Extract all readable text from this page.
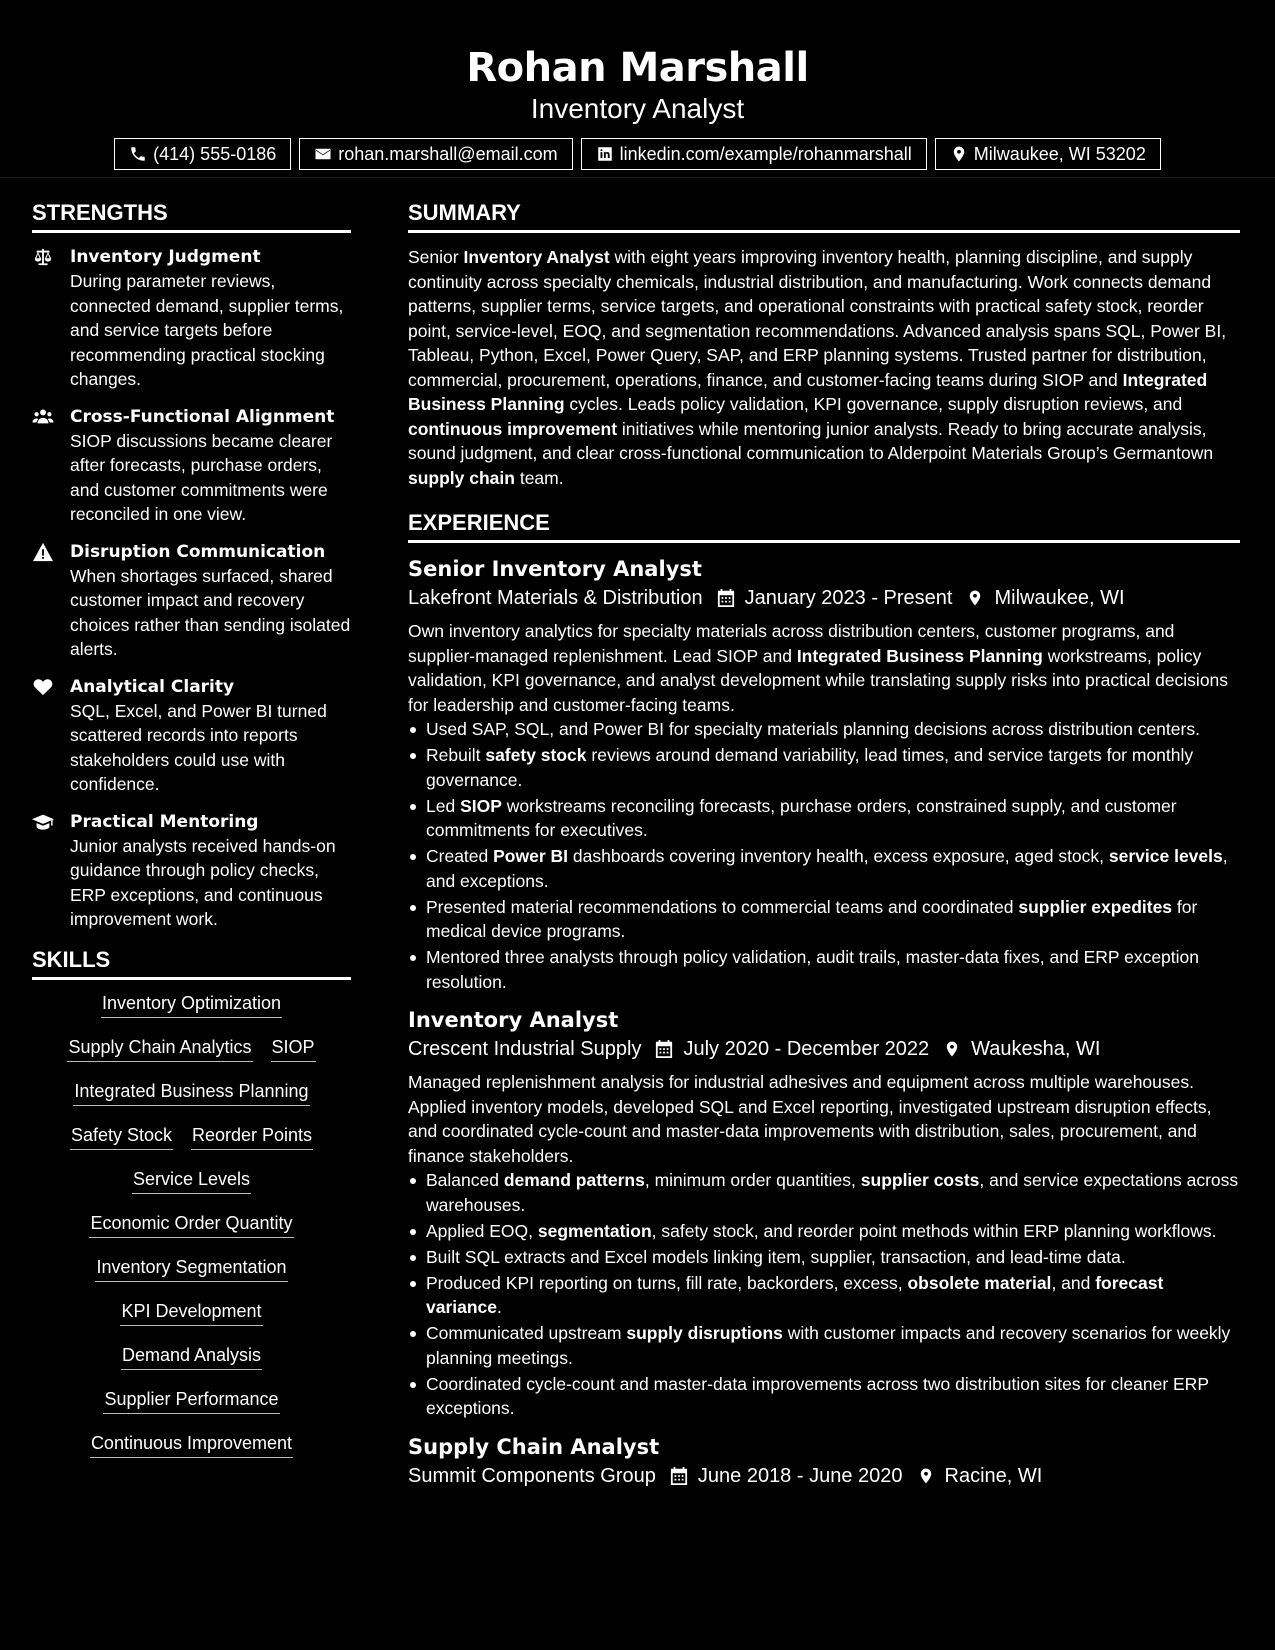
Rohan Marshall
Inventory Analyst
(414) 555-0186	rohan.marshall@email.com	linkedin.com/example/rohanmarshall	Milwaukee, WI 53202
STRENGTHS
Inventory Judgment
During parameter reviews, connected demand, supplier terms, and service targets before recommending practical stocking changes.
Cross-Functional Alignment
SIOP discussions became clearer after forecasts, purchase orders, and customer commitments were reconciled in one view.
Disruption Communication
When shortages surfaced, shared customer impact and recovery choices rather than sending isolated alerts.
Analytical Clarity
SQL, Excel, and Power BI turned scattered records into reports stakeholders could use with confidence.
Practical Mentoring
Junior analysts received hands-on guidance through policy checks, ERP exceptions, and continuous improvement work.
SKILLS
Inventory Optimization
Supply Chain Analytics SIOP
Integrated Business Planning
Safety Stock Reorder Points
Service Levels
Economic Order Quantity
Inventory Segmentation
KPI Development
Demand Analysis
Supplier Performance
Continuous Improvement
SUMMARY

Senior Inventory Analyst with eight years improving inventory health, planning discipline, and supply continuity across specialty chemicals, industrial distribution, and manufacturing. Work connects demand patterns, supplier terms, service targets, and operational constraints with practical safety stock, reorder point, service-level, EOQ, and segmentation recommendations. Advanced analysis spans SQL, Power BI, Tableau, Python, Excel, Power Query, SAP, and ERP planning systems. Trusted partner for distribution, commercial, procurement, operations, finance, and customer-facing teams during SIOP and Integrated Business Planning cycles. Leads policy validation, KPI governance, supply disruption reviews, and continuous improvement initiatives while mentoring junior analysts. Ready to bring accurate analysis, sound judgment, and clear cross-functional communication to Alderpoint Materials Group’s Germantown supply chain team.

EXPERIENCE
Senior Inventory Analyst
Lakefront Materials & Distribution January 2023 - Present Milwaukee, WI

Own inventory analytics for specialty materials across distribution centers, customer programs, and supplier-managed replenishment. Lead SIOP and Integrated Business Planning workstreams, policy validation, KPI governance, and analyst development while translating supply risks into practical decisions for leadership and customer-facing teams.

Used SAP, SQL, and Power BI for specialty materials planning decisions across distribution centers.
Rebuilt safety stock reviews around demand variability, lead times, and service targets for monthly governance.
Led SIOP workstreams reconciling forecasts, purchase orders, constrained supply, and customer commitments for executives.
Created Power BI dashboards covering inventory health, excess exposure, aged stock, service levels, and exceptions.
Presented material recommendations to commercial teams and coordinated supplier expedites for medical device programs.
Mentored three analysts through policy validation, audit trails, master-data fixes, and ERP exception resolution.
Inventory Analyst
Crescent Industrial Supply July 2020 - December 2022 Waukesha, WI

Managed replenishment analysis for industrial adhesives and equipment across multiple warehouses. Applied inventory models, developed SQL and Excel reporting, investigated upstream disruption effects, and coordinated cycle-count and master-data improvements with distribution, sales, procurement, and finance stakeholders.

Balanced demand patterns, minimum order quantities, supplier costs, and service expectations across warehouses.
Applied EOQ, segmentation, safety stock, and reorder point methods within ERP planning workflows.
Built SQL extracts and Excel models linking item, supplier, transaction, and lead-time data.
Produced KPI reporting on turns, fill rate, backorders, excess, obsolete material, and forecast variance.
Communicated upstream supply disruptions with customer impacts and recovery scenarios for weekly planning meetings.
Coordinated cycle-count and master-data improvements across two distribution sites for cleaner ERP exceptions.
Supply Chain Analyst
Summit Components Group June 2018 - June 2020 Racine, WI
